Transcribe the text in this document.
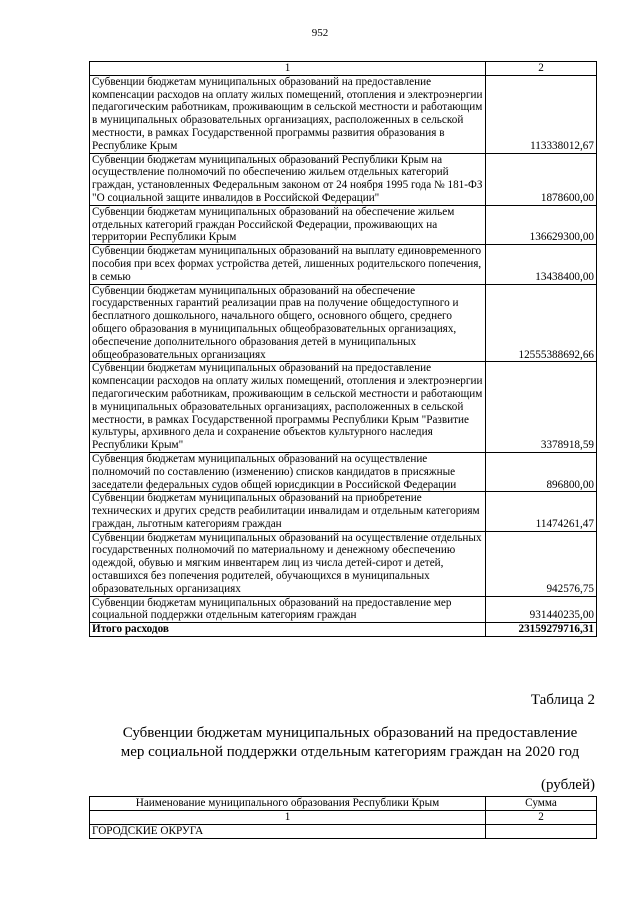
952
1	2
Субвенции бюджетам муниципальных образований на предоставление компенсации расходов на оплату жилых помещений, отопления и электроэнергии педагогическим работникам, проживающим в сельской местности и работающим в муниципальных образовательных организациях, расположенных в сельской местности, в рамках Государственной программы развития образования в Республике Крым	113338012,67
Субвенции бюджетам муниципальных образований Республики Крым на осуществление полномочий по обеспечению жильем отдельных категорий граждан, установленных Федеральным законом от 24 ноября 1995 года № 181-ФЗ "О социальной защите инвалидов в Российской Федерации"	1878600,00
Субвенции бюджетам муниципальных образований на обеспечение жильем отдельных категорий граждан Российской Федерации, проживающих на территории Республики Крым	136629300,00
Субвенции бюджетам муниципальных образований на выплату единовременного пособия при всех формах устройства детей, лишенных родительского попечения, в семью	13438400,00
Субвенции бюджетам муниципальных образований на обеспечение государственных гарантий реализации прав на получение общедоступного и бесплатного дошкольного, начального общего, основного общего, среднего общего образования в муниципальных общеобразовательных организациях, обеспечение дополнительного образования детей в муниципальных общеобразовательных организациях	12555388692,66
Субвенции бюджетам муниципальных образований на предоставление компенсации расходов на оплату жилых помещений, отопления и электроэнергии педагогическим работникам, проживающим в сельской местности и работающим в муниципальных образовательных организациях, расположенных в сельской местности, в рамках Государственной программы Республики Крым "Развитие культуры, архивного дела и сохранение объектов культурного наследия Республики Крым"	3378918,59
Субвенция бюджетам муниципальных образований на осуществление полномочий по составлению (изменению) списков кандидатов в присяжные заседатели федеральных судов общей юрисдикции в Российской Федерации	896800,00
Субвенции бюджетам муниципальных образований на приобретение технических и других средств реабилитации инвалидам и отдельным категориям граждан, льготным категориям граждан	11474261,47
Субвенции бюджетам муниципальных образований на осуществление отдельных государственных полномочий по материальному и денежному обеспечению одеждой, обувью и мягким инвентарем лиц из числа детей-сирот и детей, оставшихся без попечения родителей, обучающихся в муниципальных образовательных организациях	942576,75
Субвенции бюджетам муниципальных образований на предоставление мер социальной поддержки отдельным категориям граждан	931440235,00
Итого расходов	23159279716,31
Таблица 2
Субвенции бюджетам муниципальных образований на предоставление
мер социальной поддержки отдельным категориям граждан на 2020 год
(рублей)
Наименование муниципального образования Республики Крым	Сумма
1	2
ГОРОДСКИЕ ОКРУГА	
